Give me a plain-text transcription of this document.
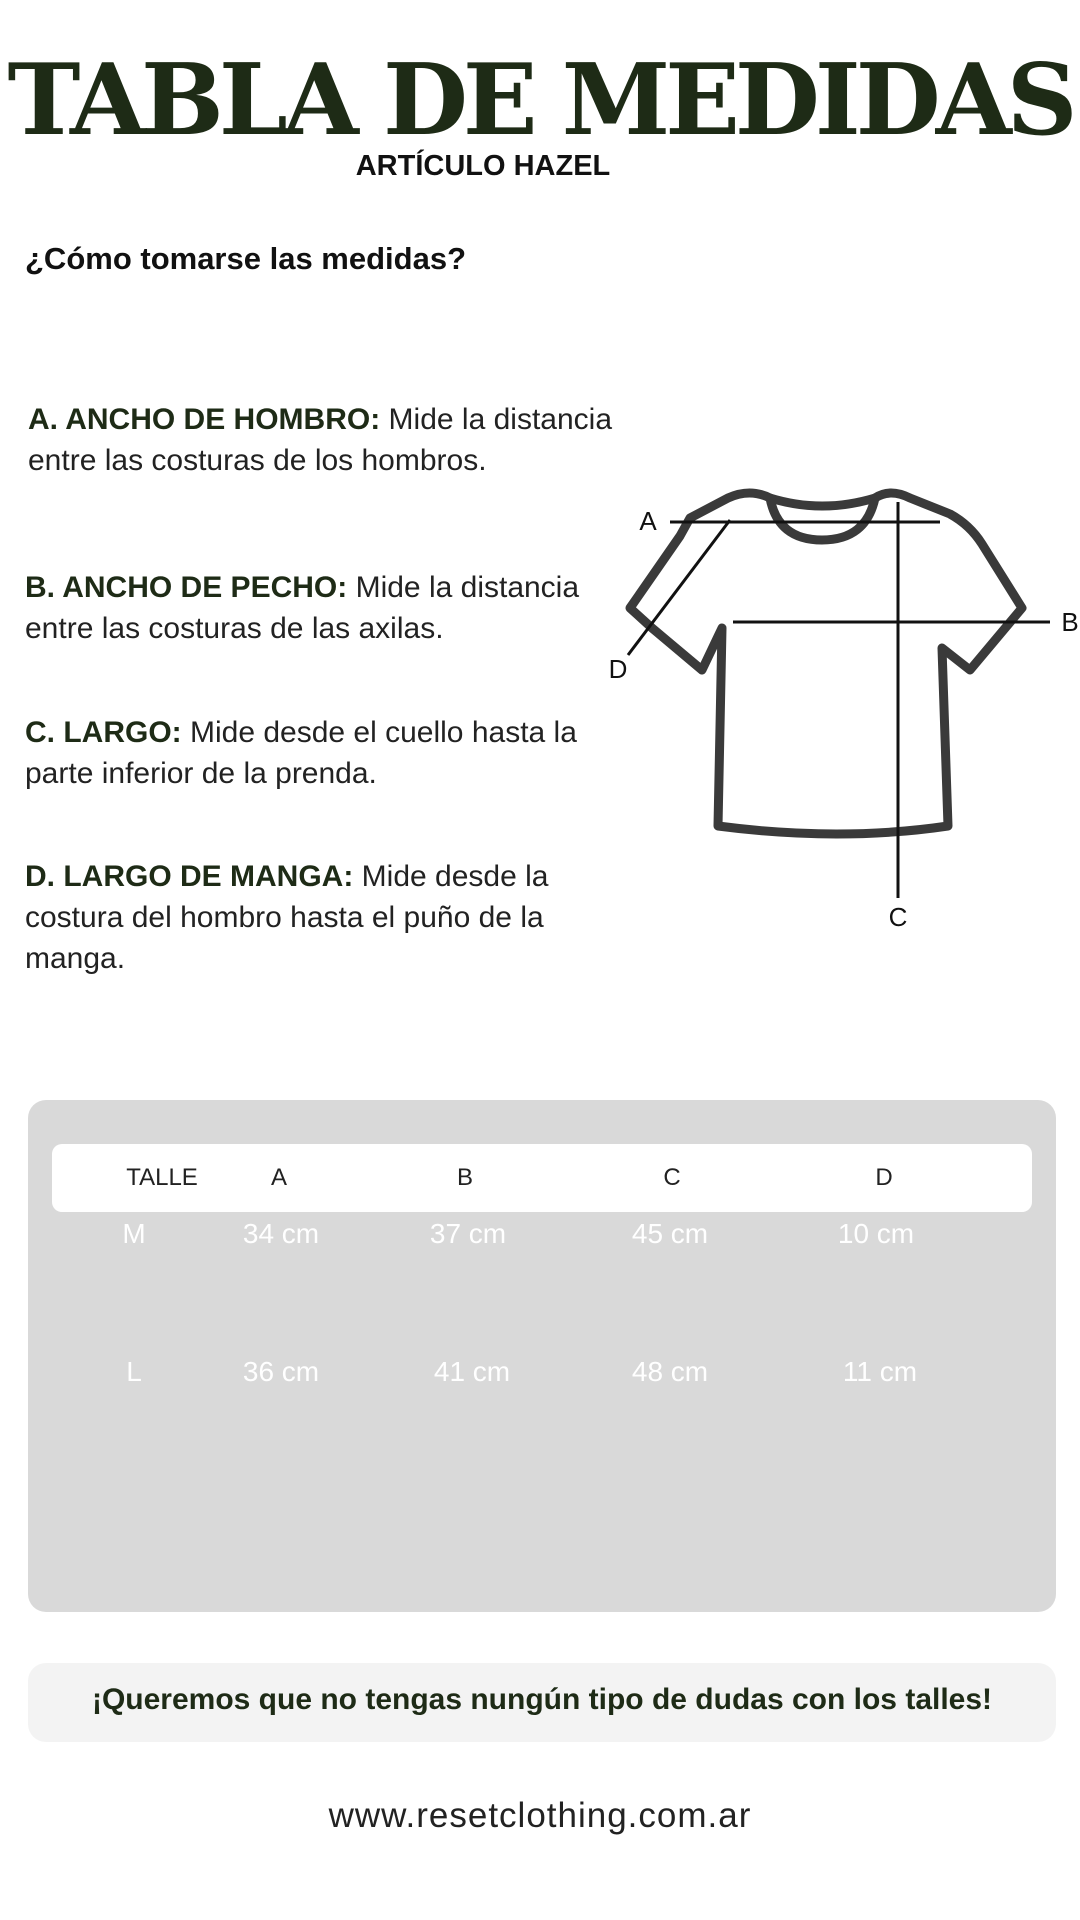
TABLA DE MEDIDAS
ARTÍCULO HAZEL
¿Cómo tomarse las medidas?
A. ANCHO DE HOMBRO: Mide la distancia entre las costuras de los hombros.
B. ANCHO DE PECHO: Mide la distancia entre las costuras de las axilas.
C. LARGO: Mide desde el cuello hasta la parte inferior de la prenda.
D. LARGO DE MANGA: Mide desde la costura del hombro hasta el puño de la manga.
A
B
C
D
TALLE	A	B	C	D
M	34 cm	37 cm	45 cm	10 cm
L	36 cm	41 cm	48 cm	11 cm
¡Queremos que no tengas nungún tipo de dudas con los talles!
www.resetclothing.com.ar
